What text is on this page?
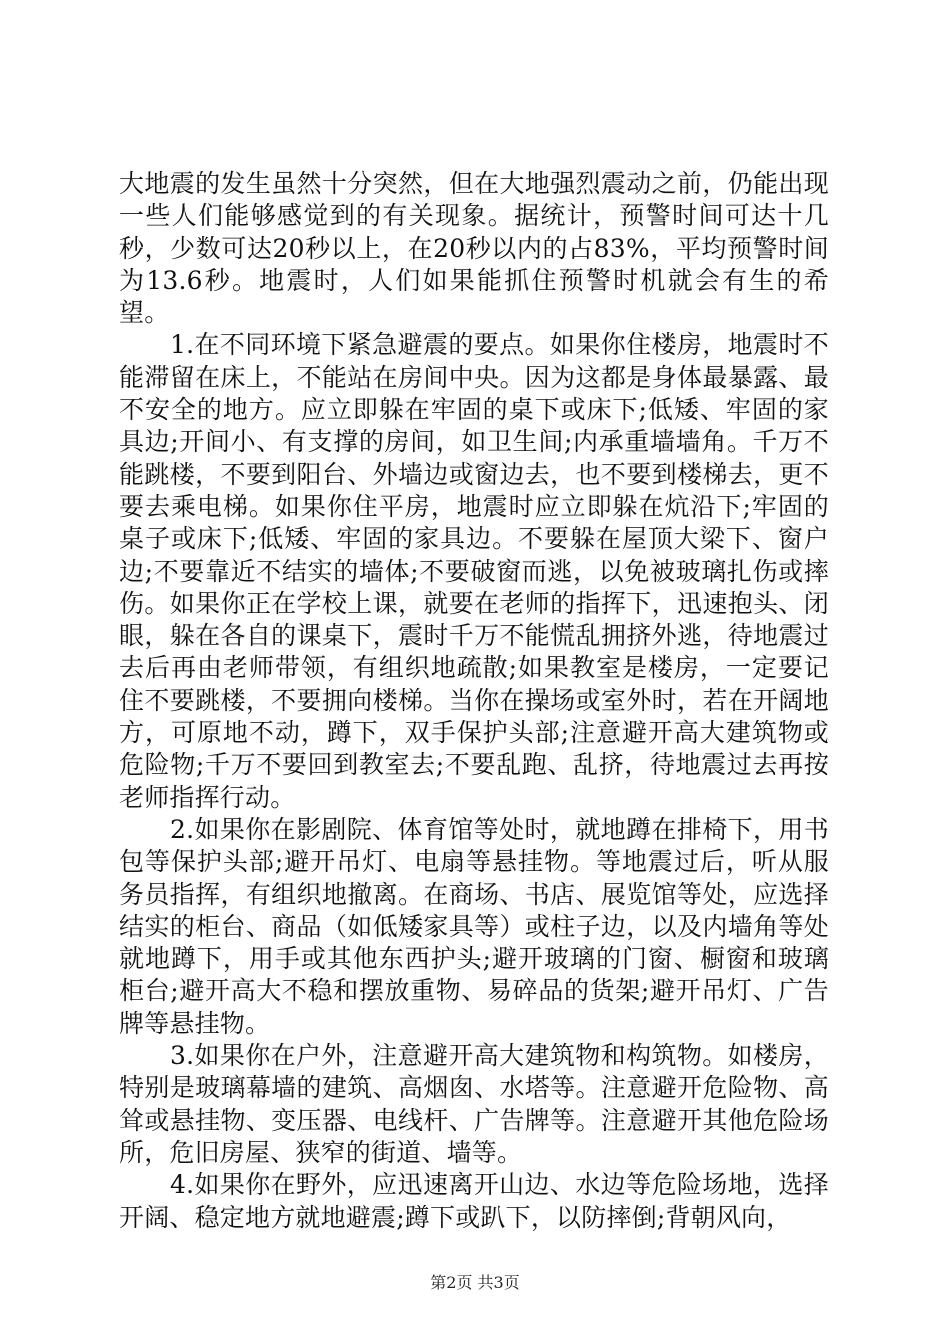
大地震的发生虽然十分突然，但在大地强烈震动之前，仍能出现一些人们能够感觉到的有关现象。据统计，预警时间可达十几秒，少数可达20秒以上，在20秒以内的占83%，平均预警时间为13.6秒。地震时，人们如果能抓住预警时机就会有生的希望。

1.在不同环境下紧急避震的要点。如果你住楼房，地震时不能滞留在床上，不能站在房间中央。因为这都是身体最暴露、最不安全的地方。应立即躲在牢固的桌下或床下;低矮、牢固的家具边;开间小、有支撑的房间，如卫生间;内承重墙墙角。千万不能跳楼，不要到阳台、外墙边或窗边去，也不要到楼梯去，更不要去乘电梯。如果你住平房，地震时应立即躲在炕沿下;牢固的桌子或床下;低矮、牢固的家具边。不要躲在屋顶大梁下、窗户边;不要靠近不结实的墙体;不要破窗而逃，以免被玻璃扎伤或摔伤。如果你正在学校上课，就要在老师的指挥下，迅速抱头、闭眼，躲在各自的课桌下，震时千万不能慌乱拥挤外逃，待地震过去后再由老师带领，有组织地疏散;如果教室是楼房，一定要记住不要跳楼，不要拥向楼梯。当你在操场或室外时，若在开阔地方，可原地不动，蹲下，双手保护头部;注意避开高大建筑物或危险物;千万不要回到教室去;不要乱跑、乱挤，待地震过去再按老师指挥行动。

2.如果你在影剧院、体育馆等处时，就地蹲在排椅下，用书包等保护头部;避开吊灯、电扇等悬挂物。等地震过后，听从服务员指挥，有组织地撤离。在商场、书店、展览馆等处，应选择结实的柜台、商品（如低矮家具等）或柱子边，以及内墙角等处就地蹲下，用手或其他东西护头;避开玻璃的门窗、橱窗和玻璃柜台;避开高大不稳和摆放重物、易碎品的货架;避开吊灯、广告牌等悬挂物。

3.如果你在户外，注意避开高大建筑物和构筑物。如楼房，特别是玻璃幕墙的建筑、高烟囱、水塔等。注意避开危险物、高耸或悬挂物、变压器、电线杆、广告牌等。注意避开其他危险场所，危旧房屋、狭窄的街道、墙等。

4.如果你在野外，应迅速离开山边、水边等危险场地，选择开阔、稳定地方就地避震;蹲下或趴下，以防摔倒;背朝风向，

第2页 共3页
